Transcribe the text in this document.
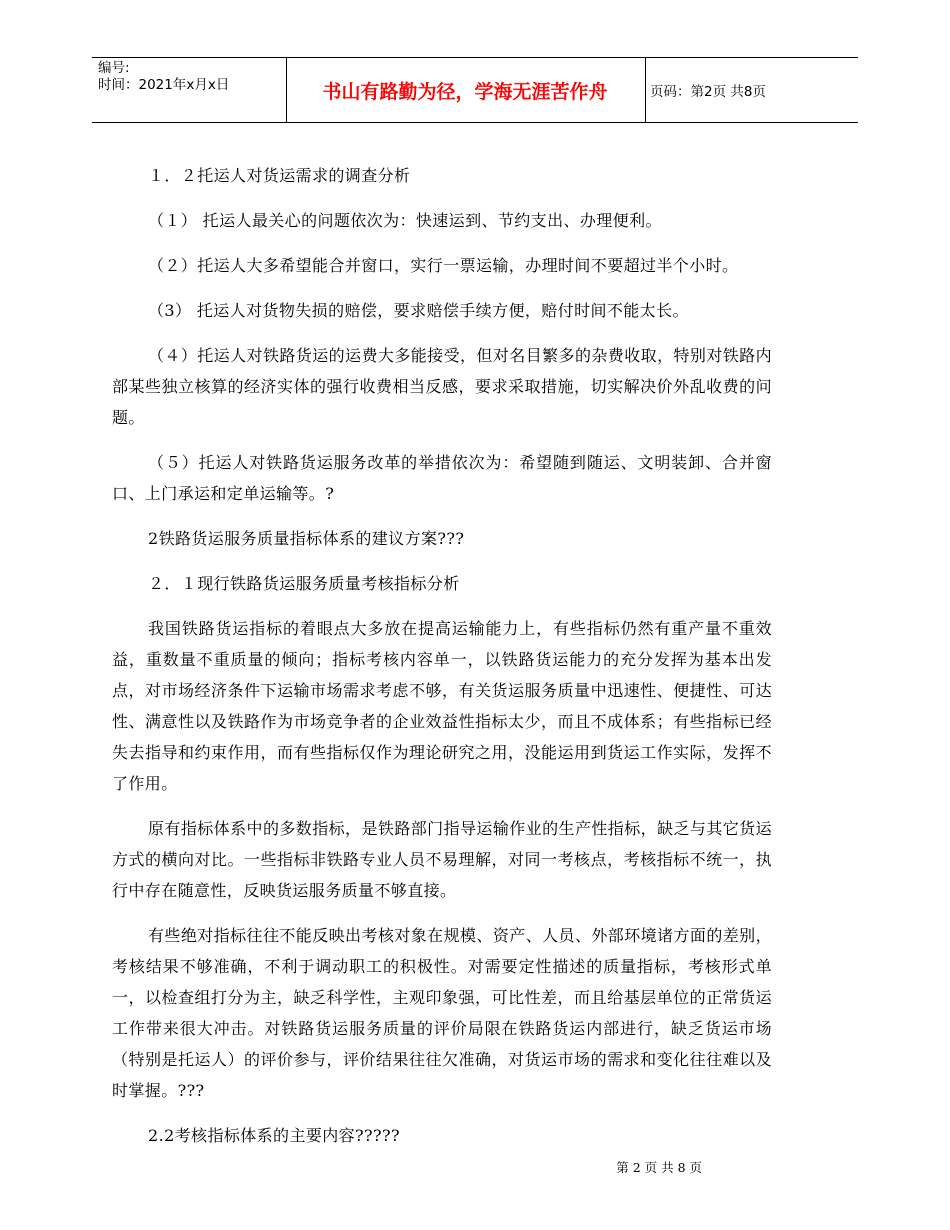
编号:
时间：2021年x月x日	书山有路勤为径，学海无涯苦作舟	页码：第2页 共8页

１．２托运人对货运需求的调查分析

（１） 托运人最关心的问题依次为：快速运到、节约支出、办理便利。

（２）托运人大多希望能合并窗口，实行一票运输，办理时间不要超过半个小时。

（3） 托运人对货物失损的赔偿，要求赔偿手续方便，赔付时间不能太长。

（４）托运人对铁路货运的运费大多能接受，但对名目繁多的杂费收取，特别对铁路内部某些独立核算的经济实体的强行收费相当反感，要求采取措施，切实解决价外乱收费的问题。

（５）托运人对铁路货运服务改革的举措依次为：希望随到随运、文明装卸、合并窗口、上门承运和定单运输等。?

2铁路货运服务质量指标体系的建议方案???

２．１现行铁路货运服务质量考核指标分析

我国铁路货运指标的着眼点大多放在提高运输能力上，有些指标仍然有重产量不重效益，重数量不重质量的倾向；指标考核内容单一，以铁路货运能力的充分发挥为基本出发点，对市场经济条件下运输市场需求考虑不够，有关货运服务质量中迅速性、便捷性、可达性、满意性以及铁路作为市场竞争者的企业效益性指标太少，而且不成体系；有些指标已经失去指导和约束作用，而有些指标仅作为理论研究之用，没能运用到货运工作实际，发挥不了作用。

原有指标体系中的多数指标，是铁路部门指导运输作业的生产性指标，缺乏与其它货运方式的横向对比。一些指标非铁路专业人员不易理解，对同一考核点，考核指标不统一，执行中存在随意性，反映货运服务质量不够直接。

有些绝对指标往往不能反映出考核对象在规模、资产、人员、外部环境诸方面的差别，考核结果不够准确，不利于调动职工的积极性。对需要定性描述的质量指标，考核形式单一，以检查组打分为主，缺乏科学性，主观印象强，可比性差，而且给基层单位的正常货运工作带来很大冲击。对铁路货运服务质量的评价局限在铁路货运内部进行，缺乏货运市场（特别是托运人）的评价参与，评价结果往往欠准确，对货运市场的需求和变化往往难以及时掌握。???

2.2考核指标体系的主要内容?????

第 2 页 共 8 页
